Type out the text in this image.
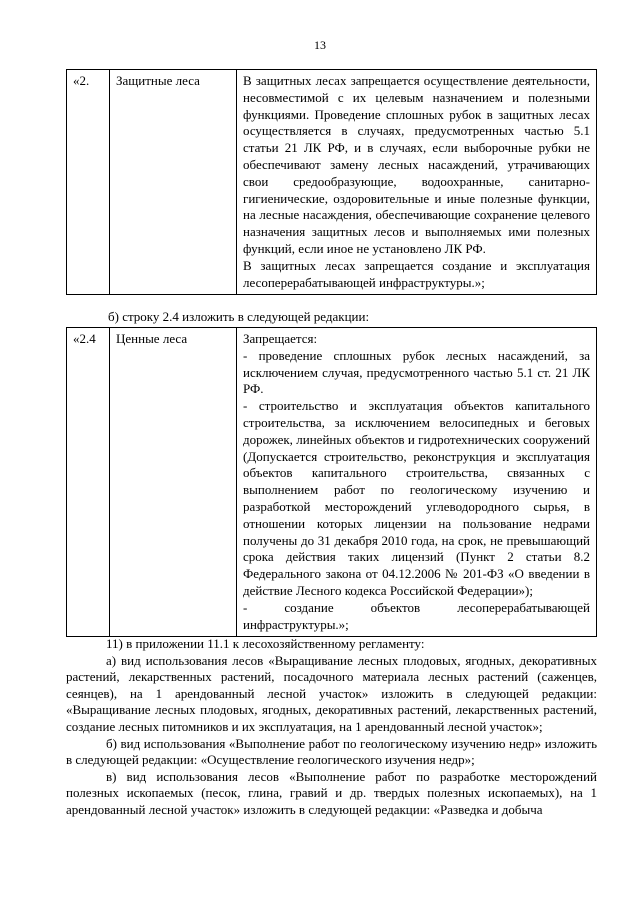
13
«2.	Защитные леса	В защитных лесах запрещается осуществление деятельности, несовместимой с их целевым назначением и полезными функциями. Проведение сплошных рубок в защитных лесах осуществляется в случаях, предусмотренных частью 5.1 статьи 21 ЛК РФ, и в случаях, если выборочные рубки не обеспечивают замену лесных насаждений, утрачивающих свои средообразующие, водоохранные, санитарно-гигиенические, оздоровительные и иные полезные функции, на лесные насаждения, обеспечивающие сохранение целевого назначения защитных лесов и выполняемых ими полезных функций, если иное не установлено ЛК РФ.

В защитных лесах запрещается создание и эксплуатация лесоперерабатывающей инфраструктуры.»;

б) строку 2.4 изложить в следующей редакции:
«2.4	Ценные леса	Запрещается:

- проведение сплошных рубок лесных насаждений, за исключением случая, предусмотренного частью 5.1 ст. 21 ЛК РФ.

- строительство и эксплуатация объектов капитального строительства, за исключением велосипедных и беговых дорожек, линейных объектов и гидротехнических сооружений (Допускается строительство, реконструкция и эксплуатация объектов капитального строительства, связанных с выполнением работ по геологическому изучению и разработкой месторождений углеводородного сырья, в отношении которых лицензии на пользование недрами получены до 31 декабря 2010 года, на срок, не превышающий срока действия таких лицензий (Пункт 2 статьи 8.2 Федерального закона от 04.12.2006 № 201-ФЗ «О введении в действие Лесного кодекса Российской Федерации»);

- создание объектов лесоперерабатывающей инфраструктуры.»;

11) в приложении 11.1 к лесохозяйственному регламенту:

а) вид использования лесов «Выращивание лесных плодовых, ягодных, декоративных растений, лекарственных растений, посадочного материала лесных растений (саженцев, сеянцев), на 1 арендованный лесной участок» изложить в следующей редакции: «Выращивание лесных плодовых, ягодных, декоративных растений, лекарственных растений, создание лесных питомников и их эксплуатация, на 1 арендованный лесной участок»;

б) вид использования «Выполнение работ по геологическому изучению недр» изложить в следующей редакции: «Осуществление геологического изучения недр»;

в) вид использования лесов «Выполнение работ по разработке месторождений полезных ископаемых (песок, глина, гравий и др. твердых полезных ископаемых), на 1 арендованный лесной участок» изложить в следующей редакции: «Разведка и добыча
